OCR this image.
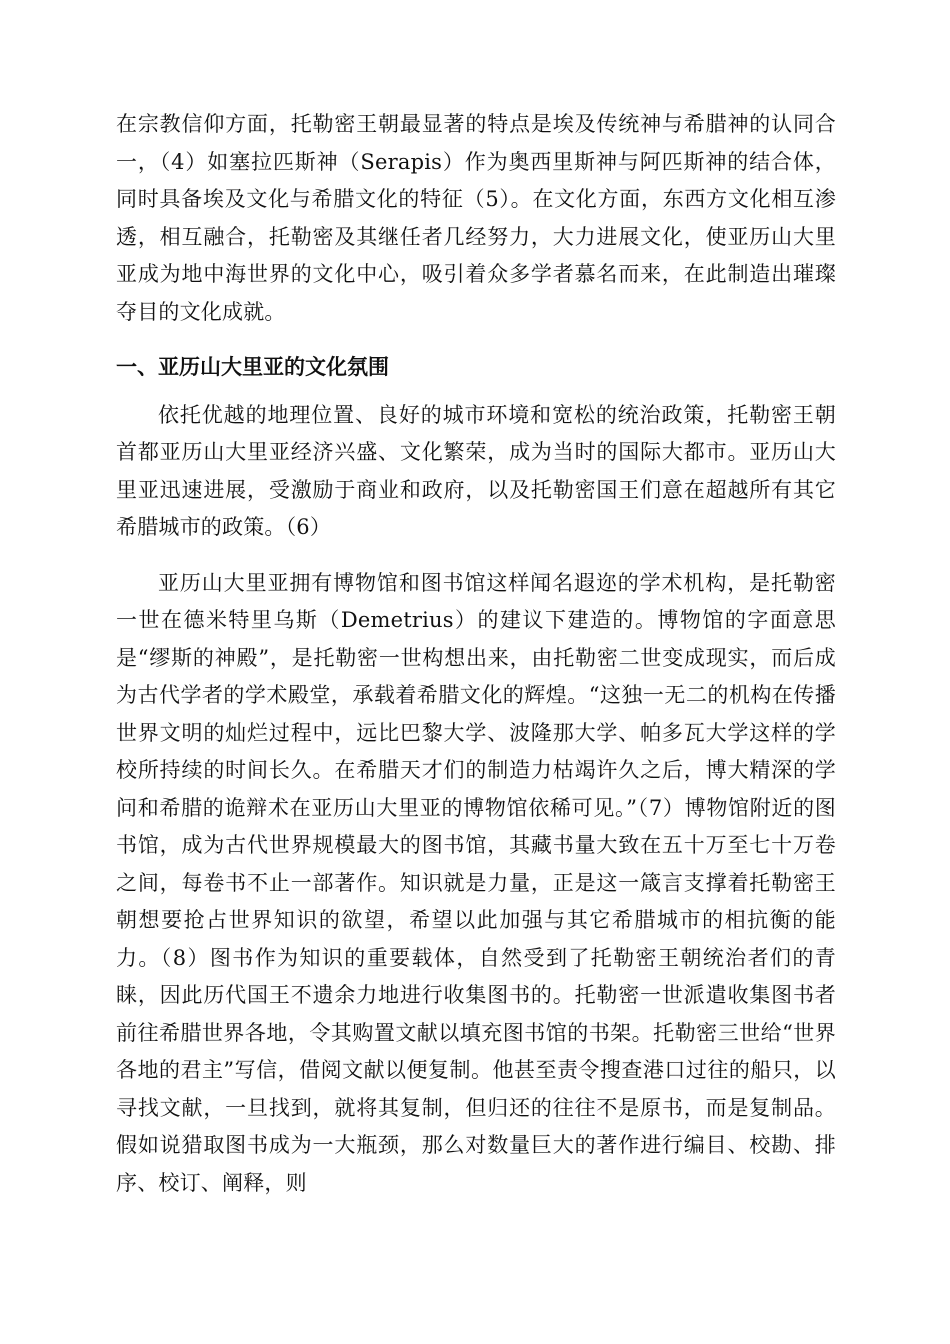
在宗教信仰方面，托勒密王朝最显著的特点是埃及传统神与希腊神的认同合一，（4）如塞拉匹斯神（Serapis）作为奥西里斯神与阿匹斯神的结合体，同时具备埃及文化与希腊文化的特征（5）。在文化方面，东西方文化相互渗透，相互融合，托勒密及其继任者几经努力，大力进展文化，使亚历山大里亚成为地中海世界的文化中心，吸引着众多学者慕名而来，在此制造出璀璨夺目的文化成就。

一、亚历山大里亚的文化氛围

依托优越的地理位置、良好的城市环境和宽松的统治政策，托勒密王朝首都亚历山大里亚经济兴盛、文化繁荣，成为当时的国际大都市。亚历山大里亚迅速进展，受激励于商业和政府，以及托勒密国王们意在超越所有其它希腊城市的政策。（6）

亚历山大里亚拥有博物馆和图书馆这样闻名遐迩的学术机构，是托勒密一世在德米特里乌斯（Demetrius）的建议下建造的。博物馆的字面意思是“缪斯的神殿”，是托勒密一世构想出来，由托勒密二世变成现实，而后成为古代学者的学术殿堂，承载着希腊文化的辉煌。“这独一无二的机构在传播世界文明的灿烂过程中，远比巴黎大学、波隆那大学、帕多瓦大学这样的学校所持续的时间长久。在希腊天才们的制造力枯竭许久之后，博大精深的学问和希腊的诡辩术在亚历山大里亚的博物馆依稀可见。”（7）博物馆附近的图书馆，成为古代世界规模最大的图书馆，其藏书量大致在五十万至七十万卷之间，每卷书不止一部著作。知识就是力量，正是这一箴言支撑着托勒密王朝想要抢占世界知识的欲望，希望以此加强与其它希腊城市的相抗衡的能力。（8）图书作为知识的重要载体，自然受到了托勒密王朝统治者们的青睐，因此历代国王不遗余力地进行收集图书的。托勒密一世派遣收集图书者前往希腊世界各地，令其购置文献以填充图书馆的书架。托勒密三世给“世界各地的君主”写信，借阅文献以便复制。他甚至责令搜查港口过往的船只，以寻找文献，一旦找到，就将其复制，但归还的往往不是原书，而是复制品。假如说猎取图书成为一大瓶颈，那么对数量巨大的著作进行编目、校勘、排序、校订、阐释，则
